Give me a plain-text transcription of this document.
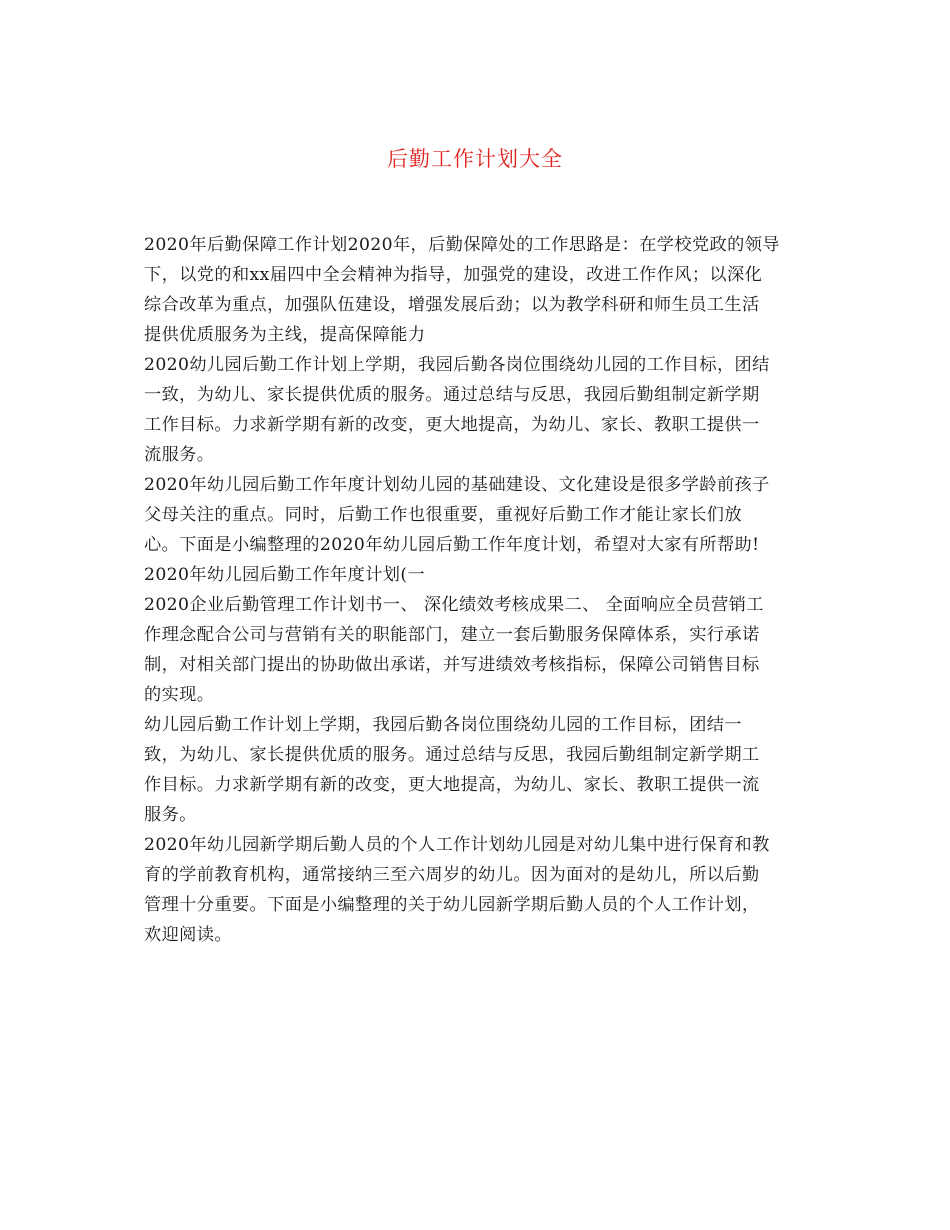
后勤工作计划大全
2020年后勤保障工作计划2020年，后勤保障处的工作思路是：在学校党政的领导
下，以党的和xx届四中全会精神为指导，加强党的建设，改进工作作风；以深化
综合改革为重点，加强队伍建设，增强发展后劲；以为教学科研和师生员工生活
提供优质服务为主线，提高保障能力
2020幼儿园后勤工作计划上学期，我园后勤各岗位围绕幼儿园的工作目标，团结
一致，为幼儿、家长提供优质的服务。通过总结与反思，我园后勤组制定新学期
工作目标。力求新学期有新的改变，更大地提高，为幼儿、家长、教职工提供一
流服务。
2020年幼儿园后勤工作年度计划幼儿园的基础建设、文化建设是很多学龄前孩子
父母关注的重点。同时，后勤工作也很重要，重视好后勤工作才能让家长们放
心。下面是小编整理的2020年幼儿园后勤工作年度计划，希望对大家有所帮助!
2020年幼儿园后勤工作年度计划(一
2020企业后勤管理工作计划书一、 深化绩效考核成果二、 全面响应全员营销工
作理念配合公司与营销有关的职能部门，建立一套后勤服务保障体系，实行承诺
制，对相关部门提出的协助做出承诺，并写进绩效考核指标，保障公司销售目标
的实现。
幼儿园后勤工作计划上学期，我园后勤各岗位围绕幼儿园的工作目标，团结一
致，为幼儿、家长提供优质的服务。通过总结与反思，我园后勤组制定新学期工
作目标。力求新学期有新的改变，更大地提高，为幼儿、家长、教职工提供一流
服务。
2020年幼儿园新学期后勤人员的个人工作计划幼儿园是对幼儿集中进行保育和教
育的学前教育机构，通常接纳三至六周岁的幼儿。因为面对的是幼儿，所以后勤
管理十分重要。下面是小编整理的关于幼儿园新学期后勤人员的个人工作计划，
欢迎阅读。
